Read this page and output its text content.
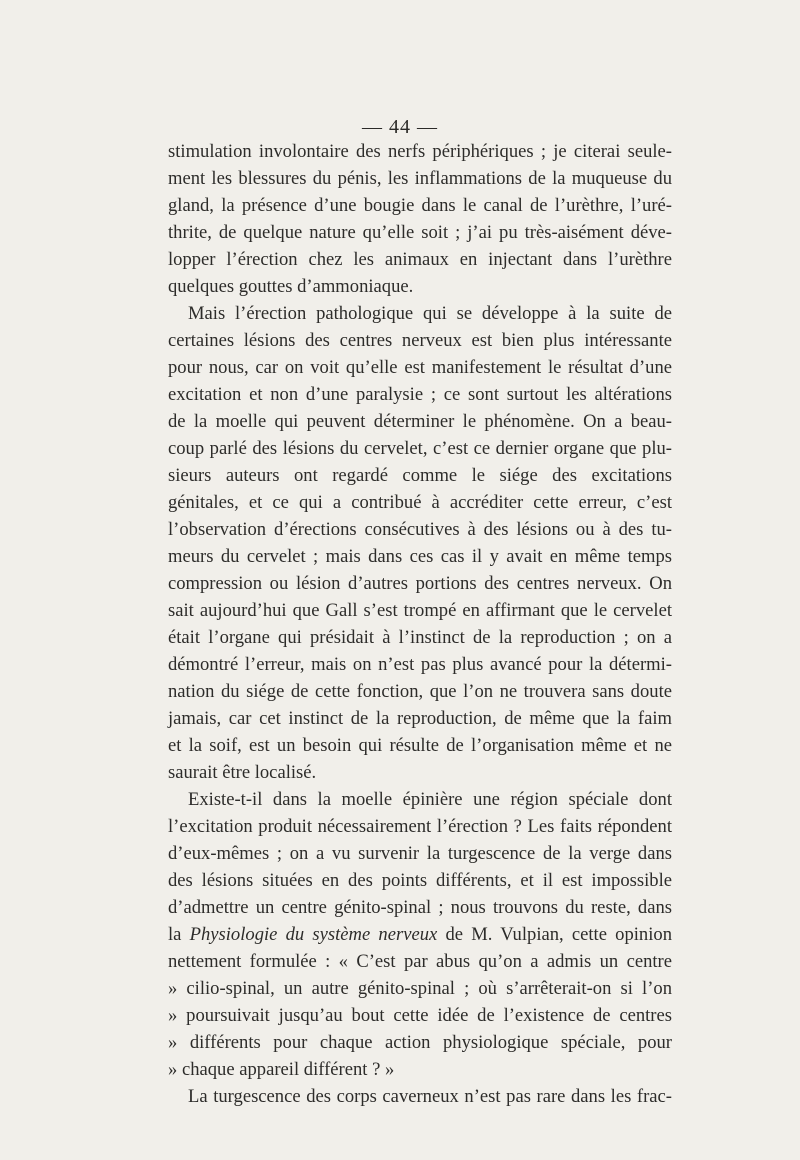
— 44 —
stimulation involontaire des nerfs périphériques ; je citerai seule-
ment les blessures du pénis, les inflammations de la muqueuse du
gland, la présence d’une bougie dans le canal de l’urèthre, l’uré-
thrite, de quelque nature qu’elle soit ; j’ai pu très-aisément déve-
lopper l’érection chez les animaux en injectant dans l’urèthre
quelques gouttes d’ammoniaque.
Mais l’érection pathologique qui se développe à la suite de
certaines lésions des centres nerveux est bien plus intéressante
pour nous, car on voit qu’elle est manifestement le résultat d’une
excitation et non d’une paralysie ; ce sont surtout les altérations
de la moelle qui peuvent déterminer le phénomène. On a beau-
coup parlé des lésions du cervelet, c’est ce dernier organe que plu-
sieurs auteurs ont regardé comme le siége des excitations
génitales, et ce qui a contribué à accréditer cette erreur, c’est
l’observation d’érections consécutives à des lésions ou à des tu-
meurs du cervelet ; mais dans ces cas il y avait en même temps
compression ou lésion d’autres portions des centres nerveux. On
sait aujourd’hui que Gall s’est trompé en affirmant que le cervelet
était l’organe qui présidait à l’instinct de la reproduction ; on a
démontré l’erreur, mais on n’est pas plus avancé pour la détermi-
nation du siége de cette fonction, que l’on ne trouvera sans doute
jamais, car cet instinct de la reproduction, de même que la faim
et la soif, est un besoin qui résulte de l’organisation même et ne
saurait être localisé.
Existe-t-il dans la moelle épinière une région spéciale dont
l’excitation produit nécessairement l’érection ? Les faits répondent
d’eux-mêmes ; on a vu survenir la turgescence de la verge dans
des lésions situées en des points différents, et il est impossible
d’admettre un centre génito-spinal ; nous trouvons du reste, dans
la Physiologie du système nerveux de M. Vulpian, cette opinion
nettement formulée : « C’est par abus qu’on a admis un centre
» cilio-spinal, un autre génito-spinal ; où s’arrêterait-on si l’on
» poursuivait jusqu’au bout cette idée de l’existence de centres
» différents pour chaque action physiologique spéciale, pour
» chaque appareil différent ? »
La turgescence des corps caverneux n’est pas rare dans les frac-
